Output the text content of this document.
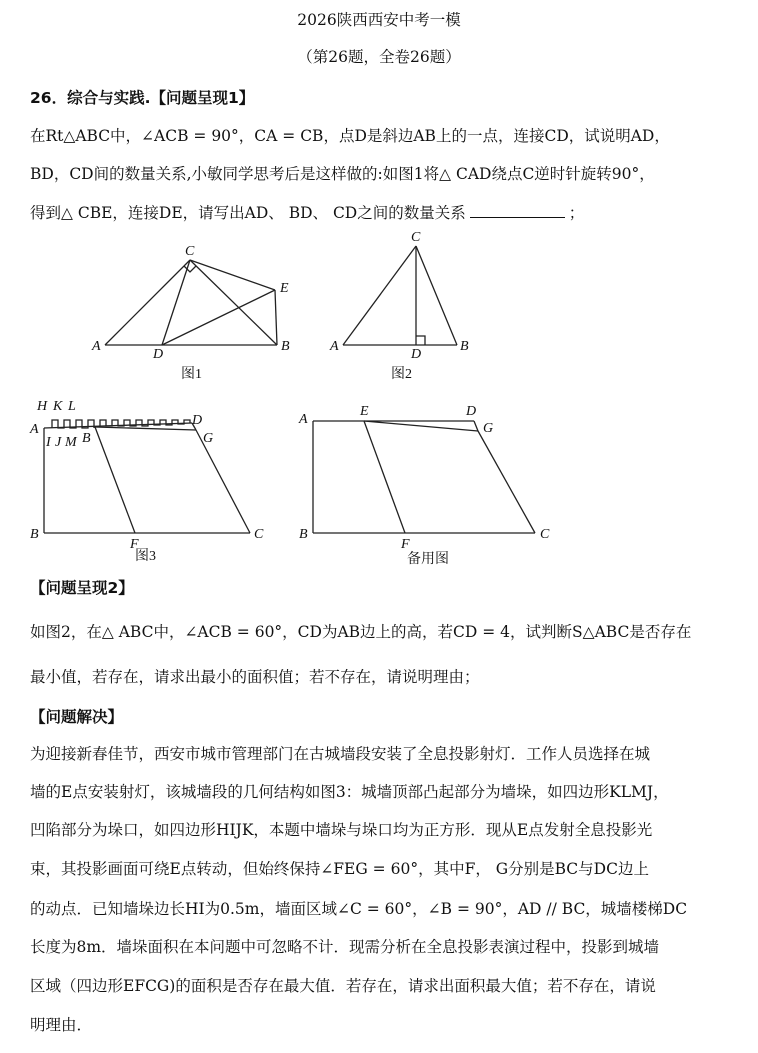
2026陕西西安中考一模
（第26题，全卷26题）
26．综合与实践.【问题呈现1】
在Rt△ABC中，∠ACB = 90°，CA = CB，点D是斜边AB上的一点，连接CD，试说明AD，
BD，CD间的数量关系,小敏同学思考后是这样做的:如图1将△ CAD绕点C逆时针旋转90°，
得到△ CBE，连接DE，请写出AD、 BD、 CD之间的数量关系	；
C
E
A
D
B
图1
C
A
D
B
图2
H K L
A
I J M B
D
G
B
F
C
图3
A
E	D
G
B
F
C
备用图
【问题呈现2】
如图2，在△ ABC中，∠ACB = 60°，CD为AB边上的高，若CD = 4，试判断S△ABC是否存在
最小值，若存在，请求出最小的面积值；若不存在，请说明理由；
【问题解决】
为迎接新春佳节，西安市城市管理部门在古城墙段安装了全息投影射灯．工作人员选择在城
墙的E点安装射灯，该城墙段的几何结构如图3：城墙顶部凸起部分为墙垛，如四边形KLMJ，
凹陷部分为垛口，如四边形HIJK，本题中墙垛与垛口均为正方形．现从E点发射全息投影光
束，其投影画面可绕E点转动，但始终保持∠FEG = 60°，其中F， G分别是BC与DC边上
的动点．已知墙垛边长HI为0.5m，墙面区域∠C = 60°，∠B = 90°，AD // BC，城墙楼梯DC
长度为8m．墙垛面积在本问题中可忽略不计．现需分析在全息投影表演过程中，投影到城墙
区域（四边形EFCG)的面积是否存在最大值．若存在，请求出面积最大值；若不存在，请说
明理由．
